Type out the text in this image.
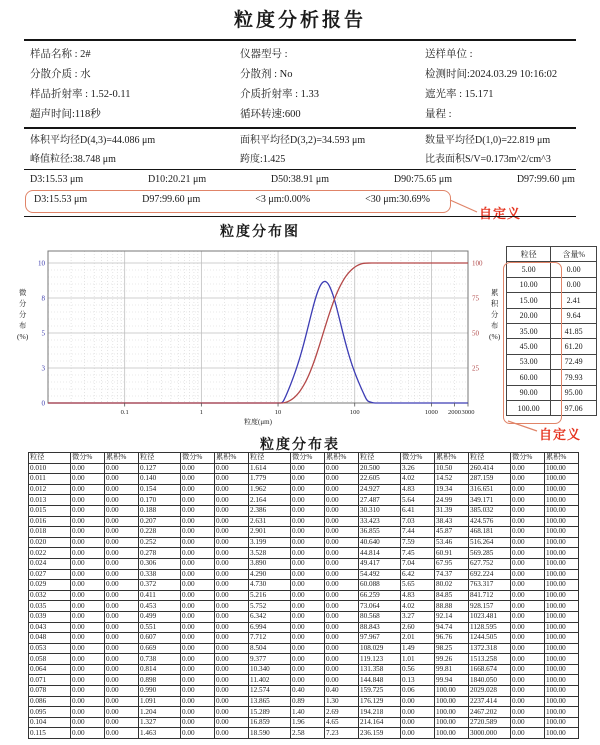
粒度分析报告
样品名称 : 2#	仪器型号 :	送样单位 :
分散介质 : 水	分散剂 : No	检测时间:2024.03.29 10:16:02
样品折射率 : 1.52-0.11	介质折射率 : 1.33	遮光率 : 15.171
超声时间:118秒	循环转速:600	量程 :
体积平均径D(4,3)=44.086 μm	面积平均径D(3,2)=34.593 μm	数量平均径D(1,0)=22.819 μm
峰值粒径:38.748 μm	跨度:1.425	比表面积S/V=0.173m^2/cm^3
D3:15.53 μm	D10:20.21 μm	D50:38.91 μm	D90:75.65 μm	D97:99.60 μm
D3:15.53 μm	D97:99.60 μm	<3 μm:0.00%	<30 μm:30.69%
自定义
粒度分布图
0.1	1	10	100	1000 2000 3000
粒度(μm)
10
8
5
3
0
100
75
50
25
微
分
分
布
(%)
累
积
分
布
(%)
粒径	含量%
5.00	0.00
10.00	0.00
15.00	2.41
20.00	9.64
35.00	41.85
45.00	61.20
53.00	72.49
60.00	79.93
90.00	95.00
100.00	97.06
自定义
粒度分布表
粒径	微分%	累积%	粒径	微分%	累积%	粒径	微分%	累积%	粒径	微分%	累积%	粒径	微分%	累积%
0.010	0.00	0.00	0.127	0.00	0.00	1.614	0.00	0.00	20.500	3.26	10.50	260.414	0.00	100.00
0.011	0.00	0.00	0.140	0.00	0.00	1.779	0.00	0.00	22.605	4.02	14.52	287.159	0.00	100.00
0.012	0.00	0.00	0.154	0.00	0.00	1.962	0.00	0.00	24.927	4.83	19.34	316.651	0.00	100.00
0.013	0.00	0.00	0.170	0.00	0.00	2.164	0.00	0.00	27.487	5.64	24.99	349.171	0.00	100.00
0.015	0.00	0.00	0.188	0.00	0.00	2.386	0.00	0.00	30.310	6.41	31.39	385.032	0.00	100.00
0.016	0.00	0.00	0.207	0.00	0.00	2.631	0.00	0.00	33.423	7.03	38.43	424.576	0.00	100.00
0.018	0.00	0.00	0.228	0.00	0.00	2.901	0.00	0.00	36.855	7.44	45.87	468.181	0.00	100.00
0.020	0.00	0.00	0.252	0.00	0.00	3.199	0.00	0.00	40.640	7.59	53.46	516.264	0.00	100.00
0.022	0.00	0.00	0.278	0.00	0.00	3.528	0.00	0.00	44.814	7.45	60.91	569.285	0.00	100.00
0.024	0.00	0.00	0.306	0.00	0.00	3.890	0.00	0.00	49.417	7.04	67.95	627.752	0.00	100.00
0.027	0.00	0.00	0.338	0.00	0.00	4.290	0.00	0.00	54.492	6.42	74.37	692.224	0.00	100.00
0.029	0.00	0.00	0.372	0.00	0.00	4.730	0.00	0.00	60.088	5.65	80.02	763.317	0.00	100.00
0.032	0.00	0.00	0.411	0.00	0.00	5.216	0.00	0.00	66.259	4.83	84.85	841.712	0.00	100.00
0.035	0.00	0.00	0.453	0.00	0.00	5.752	0.00	0.00	73.064	4.02	88.88	928.157	0.00	100.00
0.039	0.00	0.00	0.499	0.00	0.00	6.342	0.00	0.00	80.568	3.27	92.14	1023.481	0.00	100.00
0.043	0.00	0.00	0.551	0.00	0.00	6.994	0.00	0.00	88.843	2.60	94.74	1128.595	0.00	100.00
0.048	0.00	0.00	0.607	0.00	0.00	7.712	0.00	0.00	97.967	2.01	96.76	1244.505	0.00	100.00
0.053	0.00	0.00	0.669	0.00	0.00	8.504	0.00	0.00	108.029	1.49	98.25	1372.318	0.00	100.00
0.058	0.00	0.00	0.738	0.00	0.00	9.377	0.00	0.00	119.123	1.01	99.26	1513.258	0.00	100.00
0.064	0.00	0.00	0.814	0.00	0.00	10.340	0.00	0.00	131.358	0.56	99.81	1668.674	0.00	100.00
0.071	0.00	0.00	0.898	0.00	0.00	11.402	0.00	0.00	144.848	0.13	99.94	1840.050	0.00	100.00
0.078	0.00	0.00	0.990	0.00	0.00	12.574	0.40	0.40	159.725	0.06	100.00	2029.028	0.00	100.00
0.086	0.00	0.00	1.091	0.00	0.00	13.865	0.89	1.30	176.129	0.00	100.00	2237.414	0.00	100.00
0.095	0.00	0.00	1.204	0.00	0.00	15.289	1.40	2.69	194.218	0.00	100.00	2467.202	0.00	100.00
0.104	0.00	0.00	1.327	0.00	0.00	16.859	1.96	4.65	214.164	0.00	100.00	2720.589	0.00	100.00
0.115	0.00	0.00	1.463	0.00	0.00	18.590	2.58	7.23	236.159	0.00	100.00	3000.000	0.00	100.00
